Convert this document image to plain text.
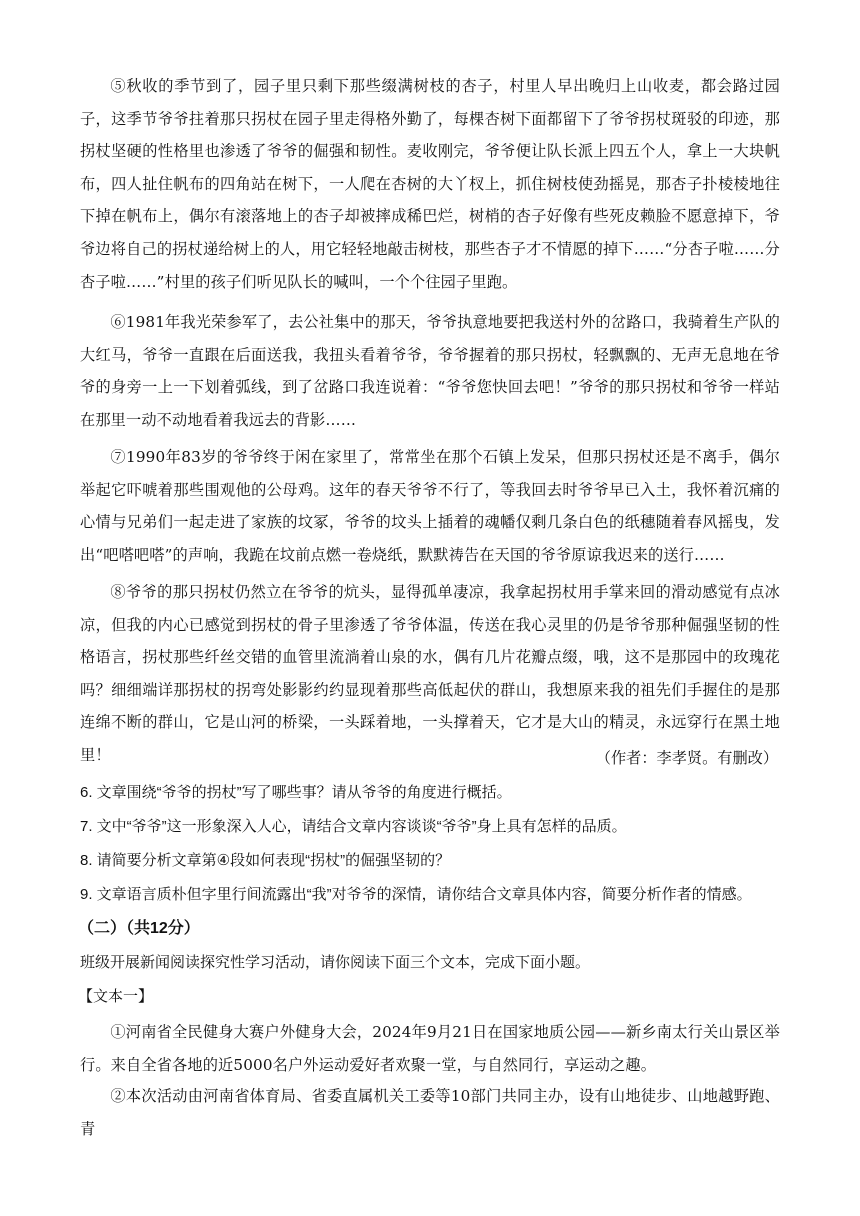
⑤秋收的季节到了，园子里只剩下那些缀满树枝的杏子，村里人早出晚归上山收麦，都会路过园子，这季节爷爷拄着那只拐杖在园子里走得格外勤了，每棵杏树下面都留下了爷爷拐杖斑驳的印迹，那拐杖坚硬的性格里也渗透了爷爷的倔强和韧性。麦收刚完，爷爷便让队长派上四五个人，拿上一大块帆布，四人扯住帆布的四角站在树下，一人爬在杏树的大丫杈上，抓住树枝使劲摇晃，那杏子扑棱棱地往下掉在帆布上，偶尔有滚落地上的杏子却被摔成稀巴烂，树梢的杏子好像有些死皮赖脸不愿意掉下，爷爷边将自己的拐杖递给树上的人，用它轻轻地敲击树枝，那些杏子才不情愿的掉下……“分杏子啦……分杏子啦……”村里的孩子们听见队长的喊叫，一个个往园子里跑。

⑥1981年我光荣参军了，去公社集中的那天，爷爷执意地要把我送村外的岔路口，我骑着生产队的大红马，爷爷一直跟在后面送我，我扭头看着爷爷，爷爷握着的那只拐杖，轻飘飘的、无声无息地在爷爷的身旁一上一下划着弧线，到了岔路口我连说着：“爷爷您快回去吧！”爷爷的那只拐杖和爷爷一样站在那里一动不动地看着我远去的背影……

⑦1990年83岁的爷爷终于闲在家里了，常常坐在那个石镇上发呆，但那只拐杖还是不离手，偶尔举起它吓唬着那些围观他的公母鸡。这年的春天爷爷不行了，等我回去时爷爷早已入土，我怀着沉痛的心情与兄弟们一起走进了家族的坟冢，爷爷的坟头上插着的魂幡仅剩几条白色的纸穗随着春风摇曳，发出“吧嗒吧嗒”的声响，我跪在坟前点燃一卷烧纸，默默祷告在天国的爷爷原谅我迟来的送行……

⑧爷爷的那只拐杖仍然立在爷爷的炕头，显得孤单凄凉，我拿起拐杖用手掌来回的滑动感觉有点冰凉，但我的内心已感觉到拐杖的骨子里渗透了爷爷体温，传送在我心灵里的仍是爷爷那种倔强坚韧的性格语言，拐杖那些纤丝交错的血管里流淌着山泉的水，偶有几片花瓣点缀，哦，这不是那园中的玫瑰花吗？细细端详那拐杖的拐弯处影影约约显现着那些高低起伏的群山，我想原来我的祖先们手握住的是那连绵不断的群山，它是山河的桥梁，一头踩着地，一头撑着天，它才是大山的精灵，永远穿行在黑土地里！	（作者：李孝贤。有删改）

6. 文章围绕“爷爷的拐杖”写了哪些事？请从爷爷的角度进行概括。

7. 文中“爷爷”这一形象深入人心，请结合文章内容谈谈“爷爷”身上具有怎样的品质。

8. 请简要分析文章第④段如何表现“拐杖”的倔强坚韧的？

9. 文章语言质朴但字里行间流露出“我”对爷爷的深情，请你结合文章具体内容，简要分析作者的情感。

（二）（共12分）

班级开展新闻阅读探究性学习活动，请你阅读下面三个文本，完成下面小题。

【文本一】

①河南省全民健身大赛户外健身大会，2024年9月21日在国家地质公园——新乡南太行关山景区举行。来自全省各地的近5000名户外运动爱好者欢聚一堂，与自然同行，享运动之趣。

②本次活动由河南省体育局、省委直属机关工委等10部门共同主办，设有山地徒步、山地越野跑、青
